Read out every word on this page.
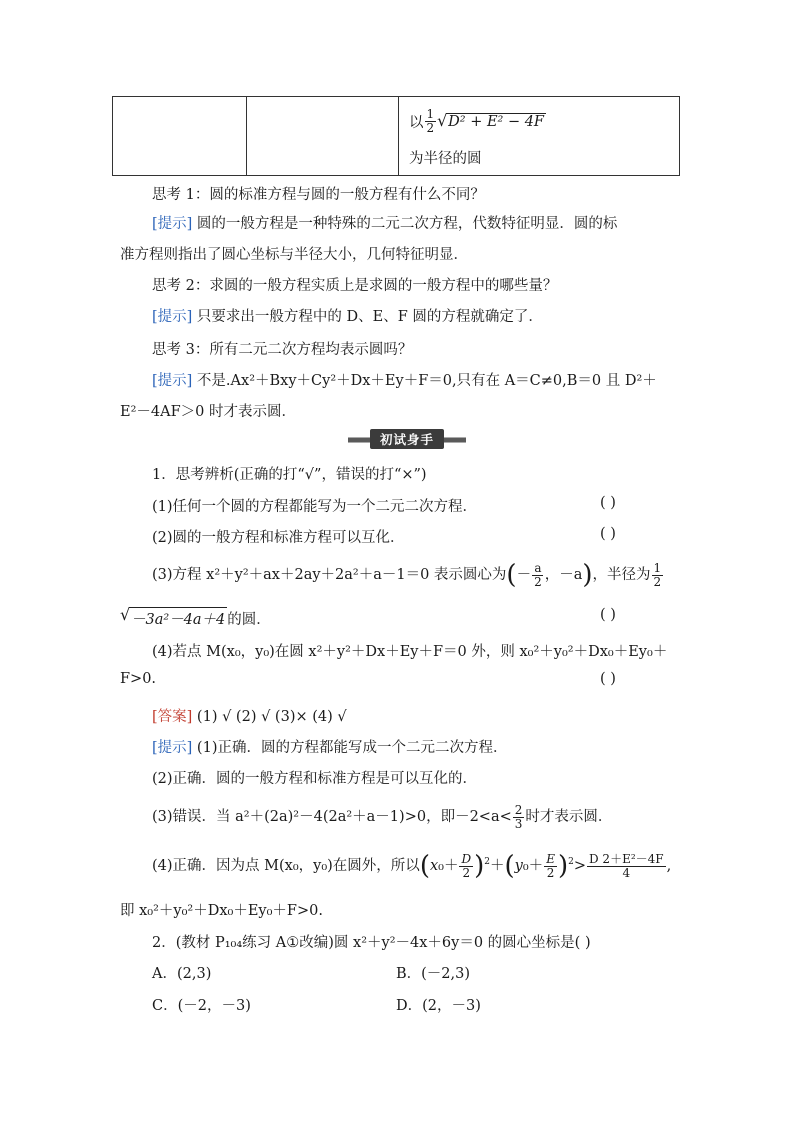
以 $\frac{1}{2}$ √ D² + E² − 4F
为半径的圆
思考 1：圆的标准方程与圆的一般方程有什么不同？
[提示] 圆的一般方程是一种特殊的二元二次方程，代数特征明显．圆的标
准方程则指出了圆心坐标与半径大小，几何特征明显．
思考 2：求圆的一般方程实质上是求圆的一般方程中的哪些量？
[提示] 只要求出一般方程中的 D、E、F 圆的方程就确定了．
思考 3：所有二元二次方程均表示圆吗？
[提示] 不是.Ax²＋Bxy＋Cy²＋Dx＋Ey＋F＝0,只有在 A＝C≠0,B＝0 且 D²＋
E²－4AF＞0 时才表示圆．
初试身手
1．思考辨析(正确的打“√”，错误的打“×”)
(1)任何一个圆的方程都能写为一个二元二次方程．	( )
(2)圆的一般方程和标准方程可以互化．	( )
(3)方程 x²＋y²＋ax＋2ay＋2a²＋a－1＝0 表示圆心为(－ $\frac{a}{2}$ ，－a)，半径为 $\frac{1}{2}$
√ －3a²－4a＋4 的圆．	( )
(4)若点 M(x₀，y₀)在圆 x²＋y²＋Dx＋Ey＋F＝0 外，则 x₀²＋y₀²＋Dx₀＋Ey₀＋
F>0.	( )
[答案] (1) √ (2) √ (3)× (4) √
[提示] (1)正确．圆的方程都能写成一个二元二次方程．
(2)正确．圆的一般方程和标准方程是可以互化的．
(3)错误．当 a²＋(2a)²－4(2a²＋a－1)>0，即$-2<a< \frac{2}{3}$ 时才表示圆．
(4)正确．因为点 M(x₀，y₀)在圆外，所以$(x_0+ \frac{D}{2} )^2+(y_0+ \frac{E}{2} )^2> \frac{\text{D 2＋E²－4F}}{4}$ ,
即 x₀²＋y₀²＋Dx₀＋Ey₀＋F>0.
2．(教材 P₁₀₄练习 A①改编)圆 x²＋y²－4x＋6y＝0 的圆心坐标是( )
A．(2,3)	B．(－2,3)
C．(－2，－3)	D．(2，－3)
